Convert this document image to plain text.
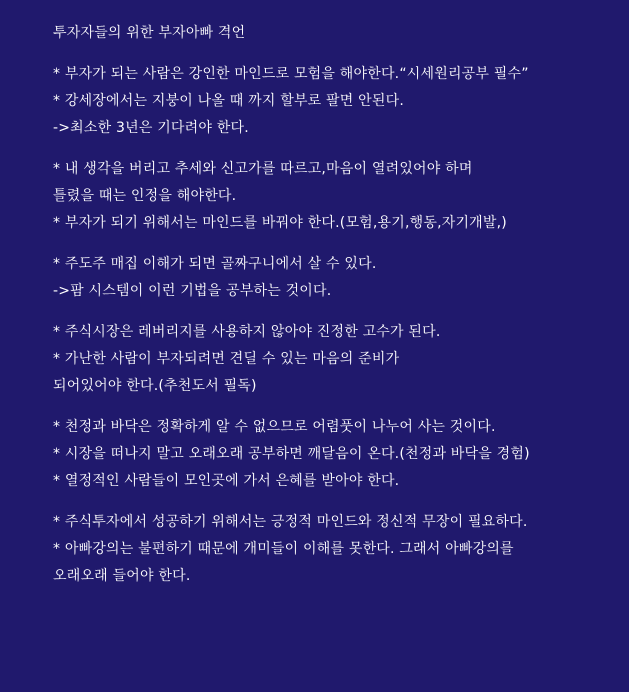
투자자들의 위한 부자아빠 격언
* 부자가 되는 사람은 강인한 마인드로 모험을 해야한다.“시세원리공부 필수”
* 강세장에서는 지붕이 나올 때 까지 할부로 팔면 안된다.
->최소한 3년은 기다려야 한다.
* 내 생각을 버리고 추세와 신고가를 따르고,마음이 열려있어야 하며
틀렸을 때는 인정을 해야한다.
* 부자가 되기 위해서는 마인드를 바꿔야 한다.(모험,용기,행동,자기개발,)
* 주도주 매집 이해가 되면 골짜구니에서 살 수 있다.
->팜 시스템이 이런 기법을 공부하는 것이다.
* 주식시장은 레버리지를 사용하지 않아야 진정한 고수가 된다.
* 가난한 사람이 부자되려면 견딜 수 있는 마음의 준비가
되어있어야 한다.(추천도서 필독)
* 천정과 바닥은 정확하게 알 수 없으므로 어렴풋이 나누어 사는 것이다.
* 시장을 떠나지 말고 오래오래 공부하면 깨달음이 온다.(천정과 바닥을 경험)
* 열정적인 사람들이 모인곳에 가서 은혜를 받아야 한다.
* 주식투자에서 성공하기 위해서는 긍정적 마인드와 정신적 무장이 필요하다.
* 아빠강의는 불편하기 때문에 개미들이 이해를 못한다. 그래서 아빠강의를
오래오래 들어야 한다.
